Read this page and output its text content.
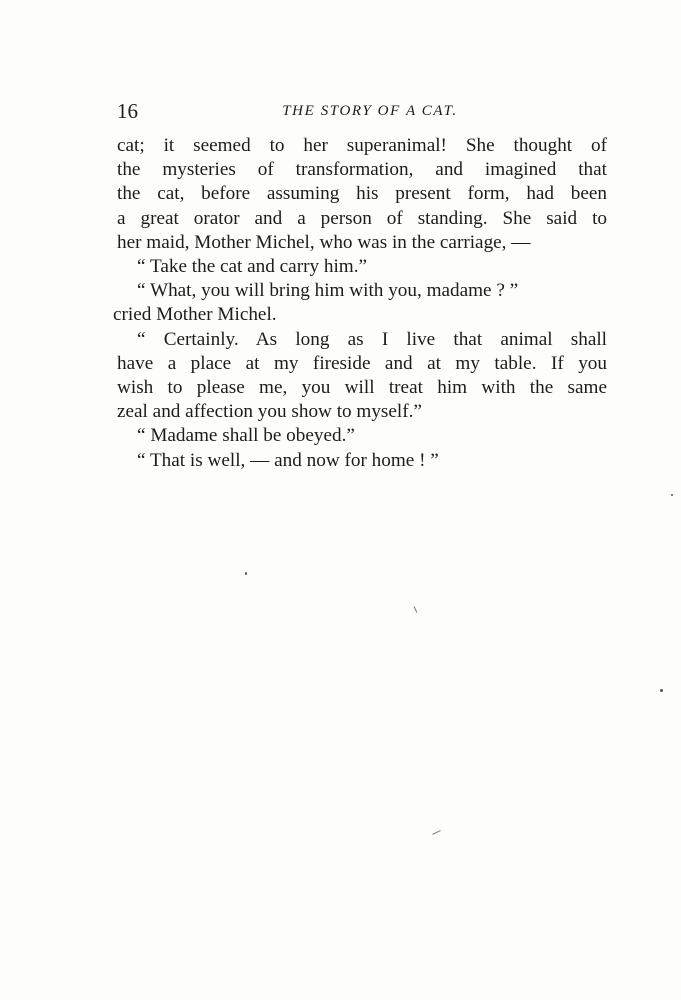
16	THE STORY OF A CAT.
cat; it seemed to her superanimal! She thought of
the mysteries of transformation, and imagined that
the cat, before assuming his present form, had been
a great orator and a person of standing. She said to
her maid, Mother Michel, who was in the carriage, —
“ Take the cat and carry him.”
“ What, you will bring him with you, madame ? ”
cried Mother Michel.
“ Certainly. As long as I live that animal shall
have a place at my fireside and at my table. If you
wish to please me, you will treat him with the same
zeal and affection you show to myself.”
“ Madame shall be obeyed.”
“ That is well, — and now for home ! ”
